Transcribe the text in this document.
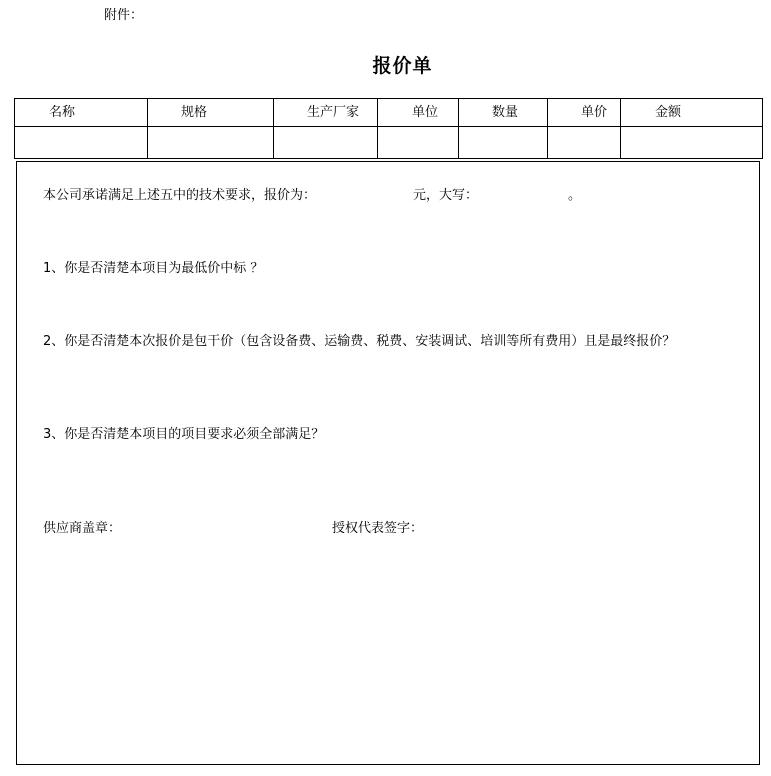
附件：
报价单
名称	规格	生产厂家	单位	数量	单价	金额

本公司承诺满足上述五中的技术要求，报价为：	元，大写：	。
1、你是否清楚本项目为最低价中标 ？
2、你是否清楚本次报价是包干价（包含设备费、运输费、税费、安装调试、培训等所有费用）且是最终报价？
3、你是否清楚本项目的项目要求必须全部满足？
供应商盖章：	授权代表签字：
